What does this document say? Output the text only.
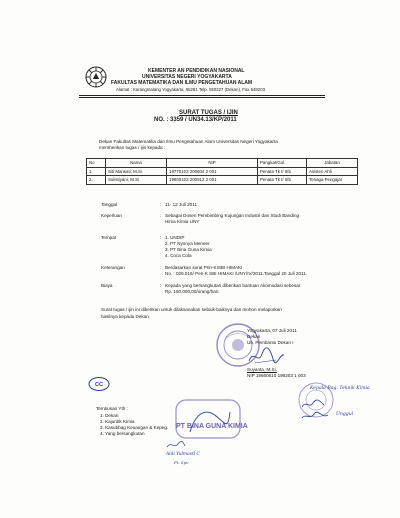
KEMENTER AN PENDIDIKAN NASIONAL
UNIVERSITAS NEGERI YOGYAKARTA
FAKULTAS MATEMATIKA DAN ILMU PENGETAHUAN ALAM
Alamat : Karangmalang Yogyakarta, 55281 Telp. 550227 (Dekan), Fax 548203
SURAT TUGAS / IJIN
NO. : 3359 / UN34.13/KP/2011
Dekan Fakultas Matematika dan Ilmu Pengetahuan Alam Universitas Negeri Yogyakarta
memberikan tugas / ijin kepada :
No	Nama	NIP	Pangkat/Gol.	Jabatan
1.	Siti Marwati, M.Si	19770103 200604 2 001	Penata Tk I/ IIIb	Asisten Ahli
2.	Sulistiyani, M.Si	19800103 200912 2 001	Penata Tk I/ IIIb	Tenaga Pengajar
Tanggal	: 11- 12 Juli 2011
Keperluan	: Sebagai Dosen Pembimbing Kujungan Industri dan Studi Banding
Hima Kimia UNY
Tempat	: 1. UNDIP
2. PT Nyonya Meneer
3. PT Bina Guna Kimia
4. Coca Cola
Keterangan	: Berdasarkan surat Prin-KISBI HIMAKI
No. : 026.016/ Pen-K SBI HIMAKI /UNY/IV/2011,Tanggal 20 Juli 2011.
Biaya	: Kepada yang bersangkutan diberikan bantuan Akomodasi sebesar
Rp. 160.000,00/orang/hari.
Surat tugas / ijin ini diberikan untuk dilaksanakan sebaik-baiknya dan mohon melaporkan
hasilnya kepada Dekan.
Yogyakarta, 07 Juli 2011
Dekan
Ub. Pembantu Dekan I
Suyanta, M.Si.
NIP 19660610 198203 1 003
CC
Tembusan Yth :
1. Dekan
2. Kajurdik Kimia
3. Kasubbag Keuangan & Kepeg.
4. Yang bersangkutan
PT BINA GUNA KIMIA
Kepala Bag. Teknik Kimia
Unggul
Aldi Yulmastl C
Pt. Spv
